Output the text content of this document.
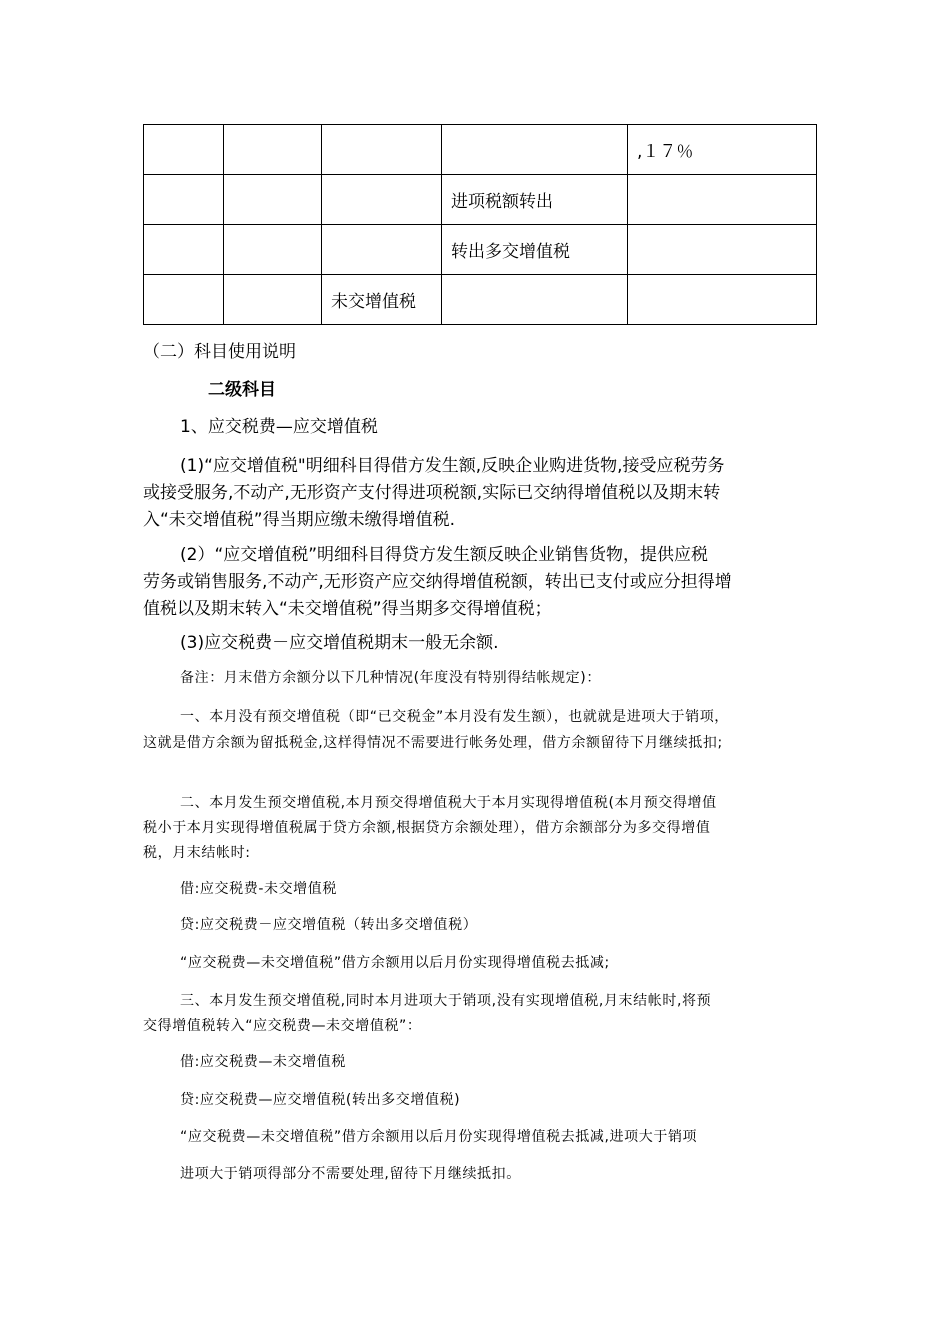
				,１７％
			进项税额转出	
			转出多交增值税	
		未交增值税		

（二）科目使用说明

二级科目

1、应交税费—应交增值税

(1)“应交增值税"明细科目得借方发生额,反映企业购进货物,接受应税劳务

或接受服务,不动产,无形资产支付得进项税额,实际已交纳得增值税以及期末转

入“未交增值税”得当期应缴未缴得增值税.

(2）“应交增值税”明细科目得贷方发生额反映企业销售货物，提供应税

劳务或销售服务,不动产,无形资产应交纳得增值税额，转出已支付或应分担得增

值税以及期末转入“未交增值税”得当期多交得增值税；

(3)应交税费－应交增值税期末一般无余额.

备注：月末借方余额分以下几种情况(年度没有特别得结帐规定)：

一、本月没有预交增值税（即“已交税金”本月没有发生额），也就就是进项大于销项，

这就是借方余额为留抵税金,这样得情况不需要进行帐务处理，借方余额留待下月继续抵扣;

二、本月发生预交增值税,本月预交得增值税大于本月实现得增值税(本月预交得增值

税小于本月实现得增值税属于贷方余额,根据贷方余额处理），借方余额部分为多交得增值

税，月末结帐时:

借:应交税费-未交增值税

贷:应交税费－应交增值税（转出多交增值税）

“应交税费—未交增值税”借方余额用以后月份实现得增值税去抵减;

三、本月发生预交增值税,同时本月进项大于销项,没有实现增值税,月末结帐时,将预

交得增值税转入“应交税费—未交增值税”：

借:应交税费—未交增值税

贷:应交税费—应交增值税(转出多交增值税)

“应交税费—未交增值税”借方余额用以后月份实现得增值税去抵减,进项大于销项

进项大于销项得部分不需要处理,留待下月继续抵扣。
